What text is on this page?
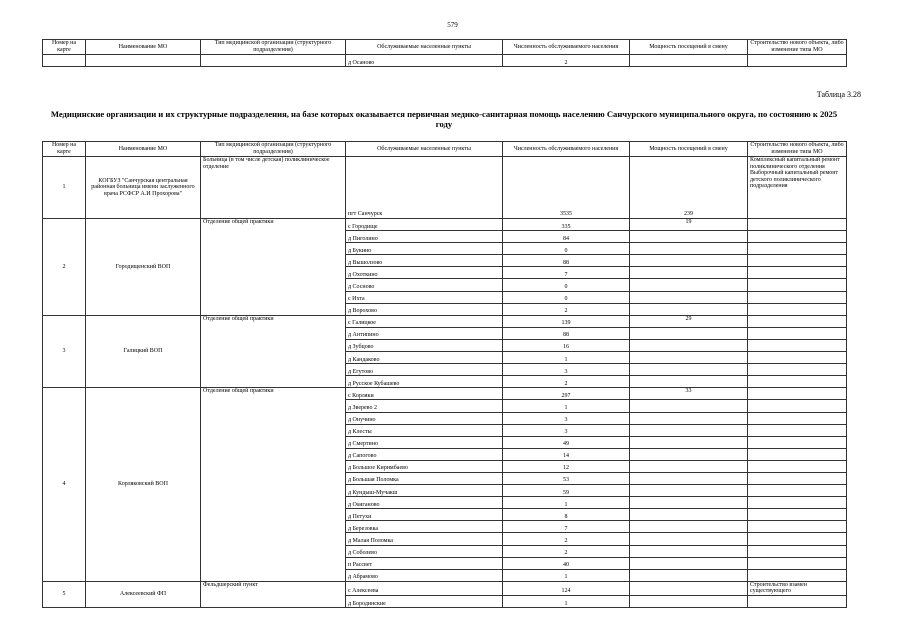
579
Номер на карте	Наименование МО	Тип медицинской организации (структурного подразделения)	Обслуживаемые населенные пункты	Численность обслуживаемого населения	Мощность посещений в смену	Строительство нового объекта, либо изменение типа МО
			д Осаново	2		
Таблица 3.28
Медицинские организации и их структурные подразделения, на базе которых оказывается первичная медико-санитарная помощь населению Санчурского муниципального округа, по состоянию к 2025 году
Номер на карте	Наименование МО	Тип медицинской организации (структурного подразделения)	Обслуживаемые населенные пункты	Численность обслуживаемого населения	Мощность посещений в смену	Строительство нового объекта, либо изменение типа МО
1	КОГБУЗ "Санчурская центральная районная больница имени заслуженного врача РСФСР А.И Прохорова"	Больница (в том числе детская) поликлиническое отделение	пгт Санчурск	3535	239	Комплексный капитальный ремонт поликлинического отделения Выборочный капитальный ремонт детского поликлинического подразделения
2	Городищенский ВОП	Отделение общей практики	с Городище	335	19	
			д Пиголино	84		
			д Букино	0		
			д Вышолзово	88		
			д Охоткино	7		
			д Сосново	0		
			с Ихта	0		
			д Ворохово	2		
3	Галицкий ВОП	Отделение общей практики	с Галицкое	139	29	
			д Антипино	88		
			д Зубцово	16		
			д Кандаково	1		
			д Егутово	3		
			д Русское Кубашево	2		
4	Корляковский ВОП	Отделение общей практики	с Корляки	297	33	
			д Зверево 2	1		
			д Онучино	3		
			д Клесты	3		
			д Смертино	49		
			д Сапогово	14		
			д Большое Киримбаево	12		
			д Большая Поломка	53		
			д Кундыш-Мучакш	59		
			д Оsиганово	1		
			д Петухи	8		
			д Березовка	7		
			д Малая Поломка	2		
			д Соболево	2		
			п Рассвет	40		
			д Абрамово	1		
5	Алексеевский ФП	Фельдшерский пункт	с Алексеева	124		Строительство взамен существующего
			д Бородинские	1		
